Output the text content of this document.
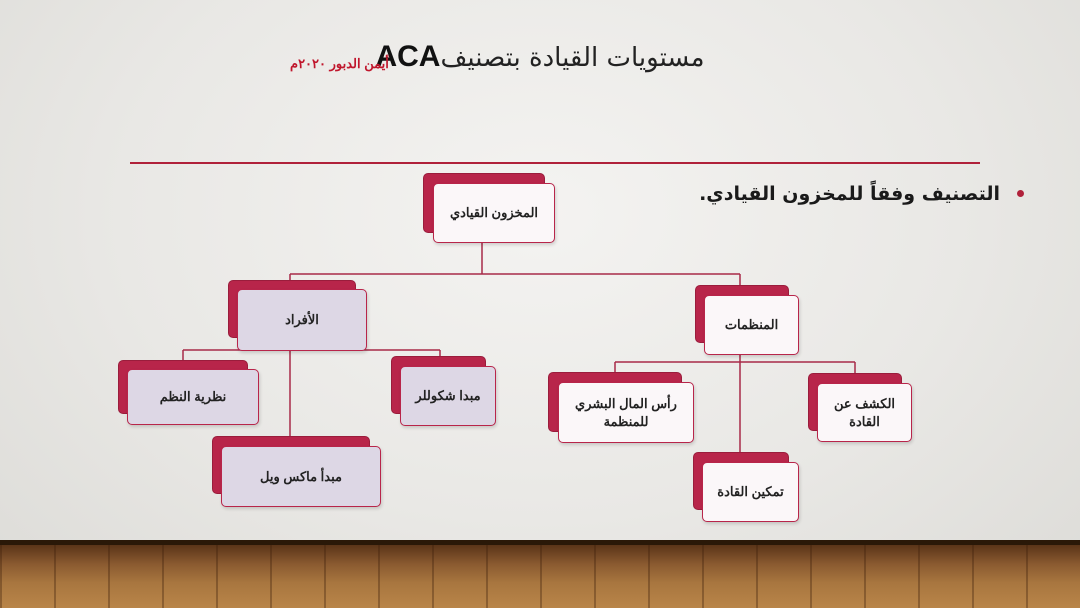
مستويات القيادة بتصنيفACA
أيمن الدبور ٢٠٢٠م
التصنيف وفقاً للمخزون القيادي.
المخزون القيادي
المنظمات
الكشف عن القادة
رأس المال البشري للمنظمة
تمكين القادة
الأفراد
مبدا شكوللر
نظرية النظم
مبدأ ماكس ويل
